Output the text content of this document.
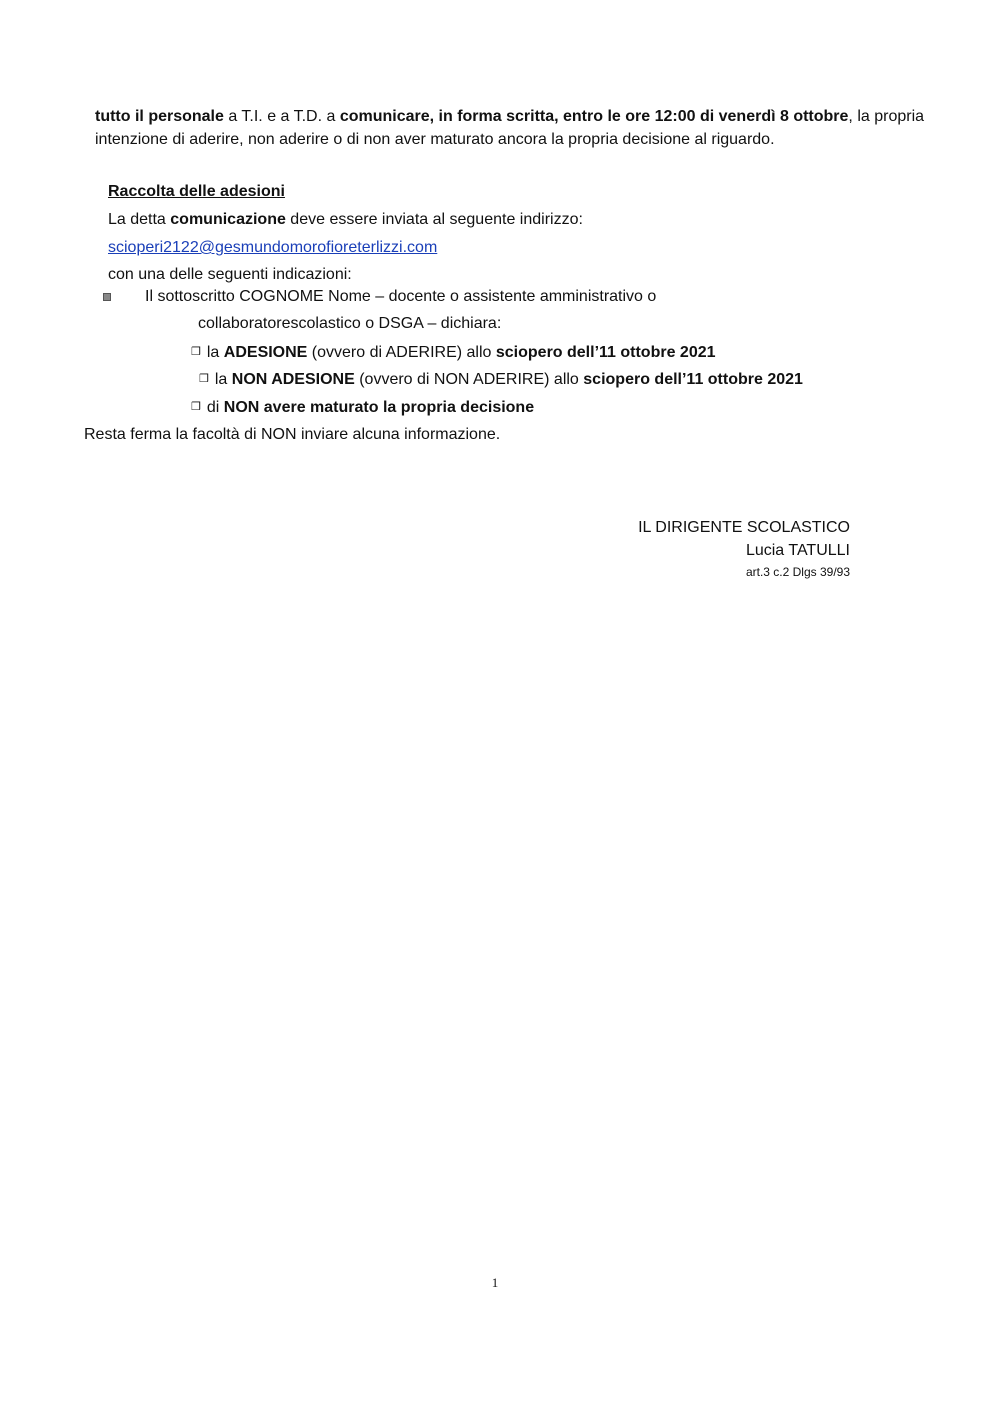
tutto il personale a T.I. e a T.D. a comunicare, in forma scritta, entro le ore 12:00 di venerdì 8 ottobre, la propria
intenzione di aderire, non aderire o di non aver maturato ancora la propria decisione al riguardo.
Raccolta delle adesioni
La detta comunicazione deve essere inviata al seguente indirizzo:
scioperi2122@gesmundomorofioreterlizzi.com
con una delle seguenti indicazioni:
Il sottoscritto COGNOME Nome – docente o assistente amministrativo o
collaboratorescolastico o DSGA – dichiara:
❒ la ADESIONE (ovvero di ADERIRE) allo sciopero dell’11 ottobre 2021
❒ la NON ADESIONE (ovvero di NON ADERIRE) allo sciopero dell’11 ottobre 2021
❒ di NON avere maturato la propria decisione
Resta ferma la facoltà di NON inviare alcuna informazione.
IL DIRIGENTE SCOLASTICO
Lucia TATULLI
art.3 c.2 Dlgs 39/93
1
